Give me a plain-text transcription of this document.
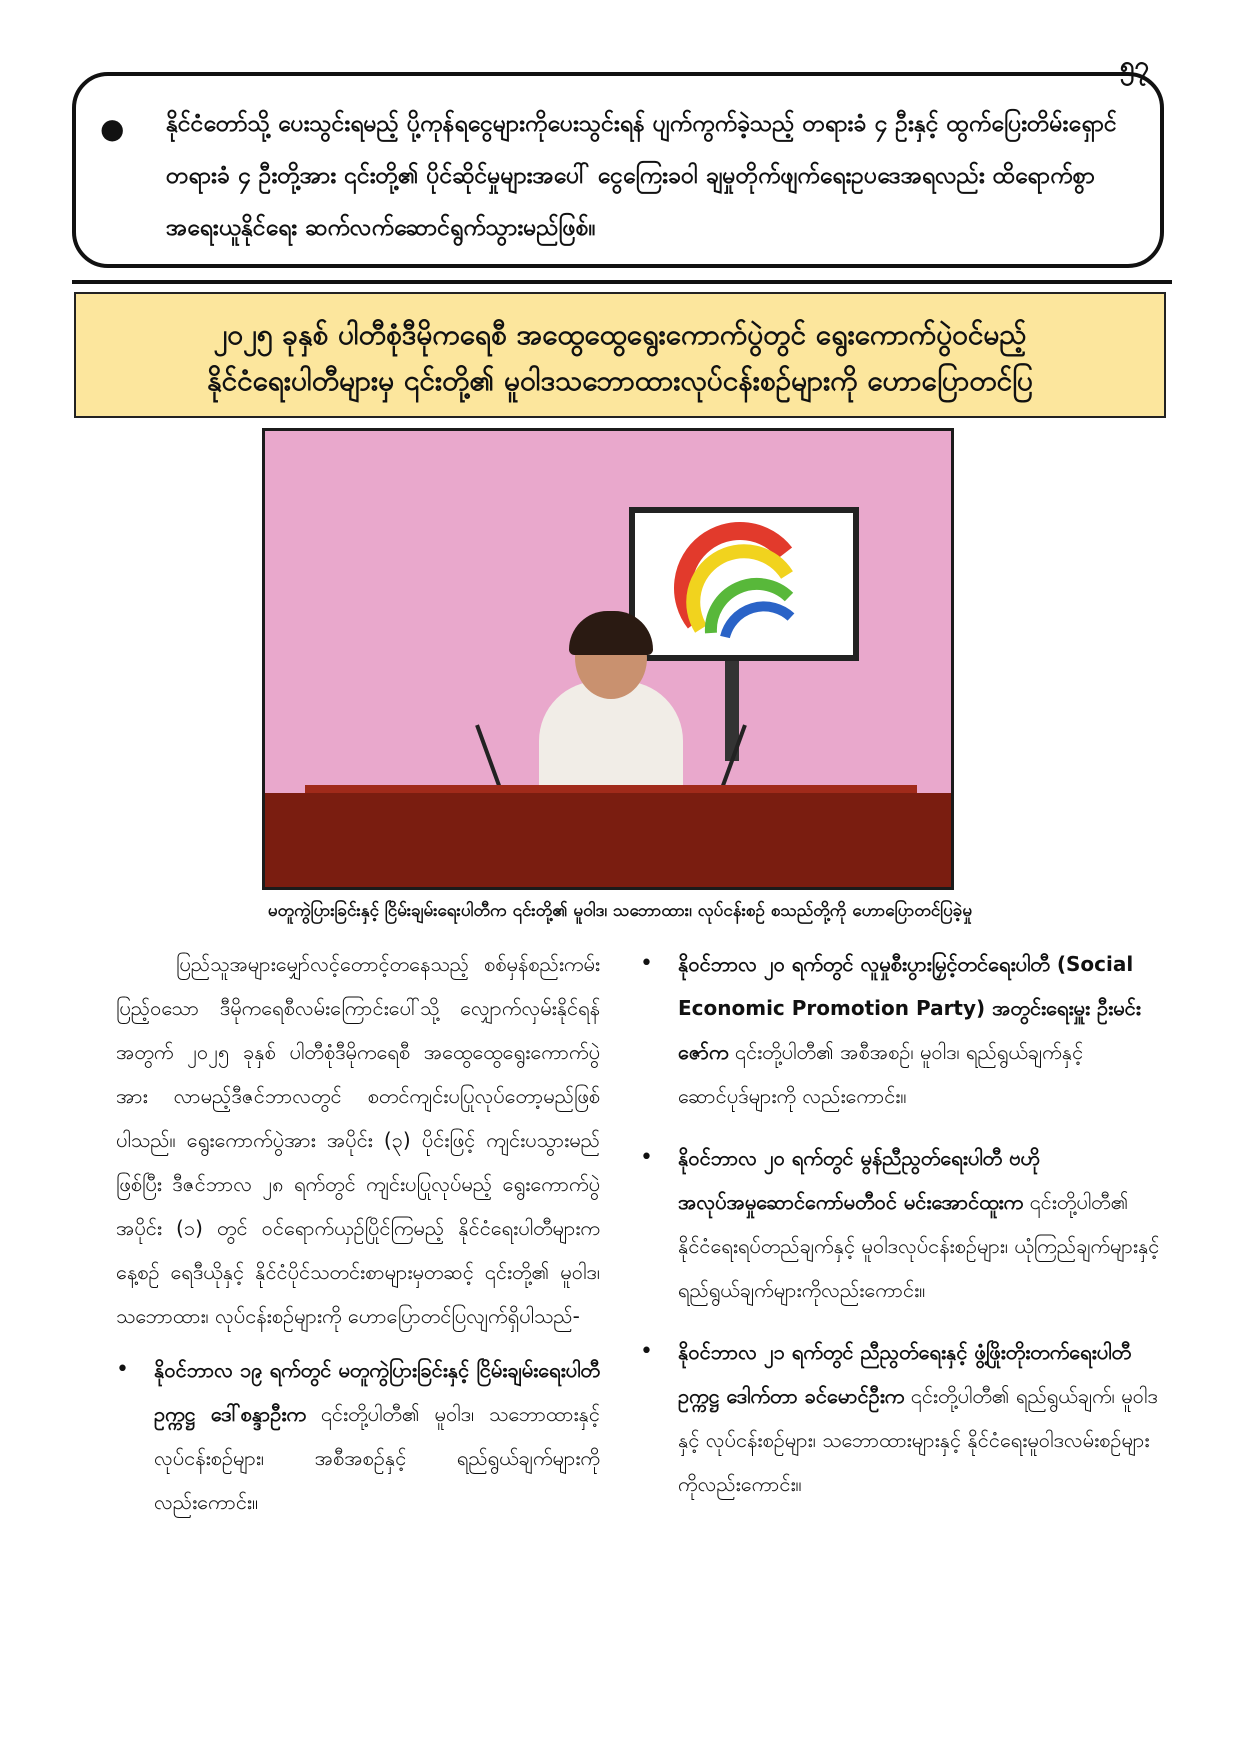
၅၇
● နိုင်ငံတော်သို့ ပေးသွင်းရမည့် ပို့ကုန်ရငွေများကိုပေးသွင်းရန် ပျက်ကွက်ခဲ့သည့် တရားခံ ၄ ဦးနှင့် ထွက်ပြေးတိမ်းရှောင်

တရားခံ ၄ ဦးတို့အား ၎င်းတို့၏ ပိုင်ဆိုင်မှုများအပေါ် ငွေကြေးခဝါ ချမှုတိုက်ဖျက်ရေးဥပဒေအရလည်း ထိရောက်စွာ

အရေးယူနိုင်ရေး ဆက်လက်ဆောင်ရွက်သွားမည်ဖြစ်။

၂၀၂၅ ခုနှစ် ပါတီစုံဒီမိုကရေစီ အထွေထွေရွေးကောက်ပွဲတွင် ရွေးကောက်ပွဲဝင်မည့်
နိုင်ငံရေးပါတီများမှ ၎င်းတို့၏ မူဝါဒသဘောထားလုပ်ငန်းစဉ်များကို ဟောပြောတင်ပြ
မတူကွဲပြားခြင်းနှင့် ငြိမ်းချမ်းရေးပါတီက ၎င်းတို့၏ မူဝါဒ၊ သဘောထား၊ လုပ်ငန်းစဉ် စသည်တို့ကို ဟောပြောတင်ပြခဲ့မှု

ပြည်သူအများမျှော်လင့်တောင့်တနေသည့် စစ်မှန်စည်းကမ်းပြည့်ဝသော ဒီမိုကရေစီလမ်းကြောင်းပေါ်သို့ လျှောက်လှမ်းနိုင်ရန်အတွက် ၂၀၂၅ ခုနှစ် ပါတီစုံဒီမိုကရေစီ အထွေထွေရွေးကောက်ပွဲအား လာမည့်ဒီဇင်ဘာလတွင် စတင်ကျင်းပပြုလုပ်တော့မည်ဖြစ်ပါသည်။ ရွေးကောက်ပွဲအား အပိုင်း (၃) ပိုင်းဖြင့် ကျင်းပသွားမည်ဖြစ်ပြီး ဒီဇင်ဘာလ ၂၈ ရက်တွင် ကျင်းပပြုလုပ်မည့် ရွေးကောက်ပွဲအပိုင်း (၁) တွင် ဝင်ရောက်ယှဉ်ပြိုင်ကြမည့် နိုင်ငံရေးပါတီများက နေ့စဉ် ရေဒီယိုနှင့် နိုင်ငံပိုင်သတင်းစာများမှတဆင့် ၎င်းတို့၏ မူဝါဒ၊ သဘောထား၊ လုပ်ငန်းစဉ်များကို ဟောပြောတင်ပြလျက်ရှိပါသည်-

• နိုဝင်ဘာလ ၁၉ ရက်တွင် မတူကွဲပြားခြင်းနှင့် ငြိမ်းချမ်းရေးပါတီဥက္ကဋ္ဌ ဒေါ်စန္ဒာဦးက ၎င်းတို့ပါတီ၏ မူဝါဒ၊ သဘောထားနှင့်လုပ်ငန်းစဉ်များ၊ အစီအစဉ်နှင့် ရည်ရွယ်ချက်များကိုလည်းကောင်း။
• နိုဝင်ဘာလ ၂၀ ရက်တွင် လူမှုစီးပွားမြှင့်တင်ရေးပါတီ (Social Economic Promotion Party) အတွင်းရေးမှူး ဦးမင်းဇော်က ၎င်းတို့ပါတီ၏ အစီအစဉ်၊ မူဝါဒ၊ ရည်ရွယ်ချက်နှင့် ဆောင်ပုဒ်များကို လည်းကောင်း။
• နိုဝင်ဘာလ ၂၀ ရက်တွင် မွန်ညီညွတ်ရေးပါတီ ဗဟိုအလုပ်အမှုဆောင်ကော်မတီဝင် မင်းအောင်ထူးက ၎င်းတို့ပါတီ၏ နိုင်ငံရေးရပ်တည်ချက်နှင့် မူဝါဒလုပ်ငန်းစဉ်များ၊ ယုံကြည်ချက်များနှင့် ရည်ရွယ်ချက်များကိုလည်းကောင်း။
• နိုဝင်ဘာလ ၂၁ ရက်တွင် ညီညွတ်ရေးနှင့် ဖွံ့ဖြိုးတိုးတက်ရေးပါတီဥက္ကဋ္ဌ ဒေါက်တာ ခင်မောင်ဦးက ၎င်းတို့ပါတီ၏ ရည်ရွယ်ချက်၊ မူဝါဒနှင့် လုပ်ငန်းစဉ်များ၊ သဘောထားများနှင့် နိုင်ငံရေးမူဝါဒလမ်းစဉ်များကိုလည်းကောင်း။
